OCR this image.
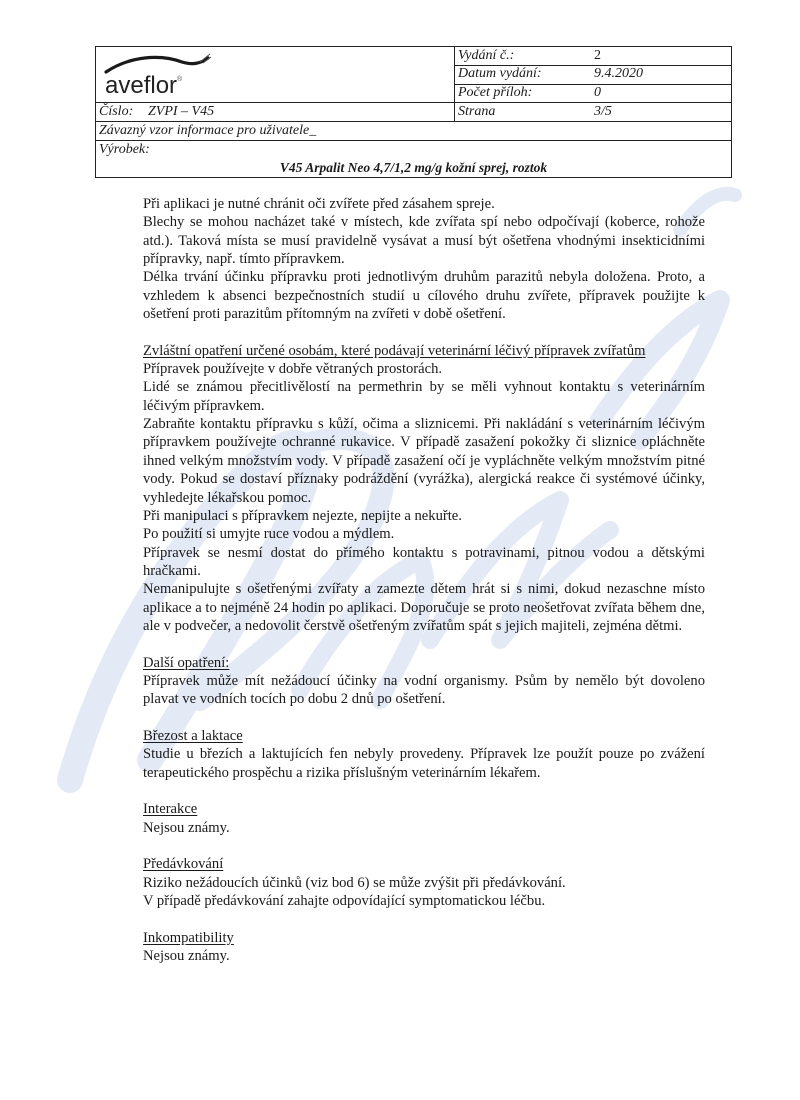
aveflor®
Vydání č.:	2
Datum vydání:	9.4.2020
Počet příloh:	0
Strana	3/5
Číslo: ZVPI – V45
Závazný vzor informace pro uživatele_
Výrobek:
V45 Arpalit Neo 4,7/1,2 mg/g kožní sprej, roztok

Při aplikaci je nutné chránit oči zvířete před zásahem spreje.

Blechy se mohou nacházet také v místech, kde zvířata spí nebo odpočívají (koberce, rohože atd.). Taková místa se musí pravidelně vysávat a musí být ošetřena vhodnými insekticidními přípravky, např. tímto přípravkem.

Délka trvání účinku přípravku proti jednotlivým druhům parazitů nebyla doložena. Proto, a vzhledem k absenci bezpečnostních studií u cílového druhu zvířete, přípravek použijte k ošetření proti parazitům přítomným na zvířeti v době ošetření.

Zvláštní opatření určené osobám, které podávají veterinární léčivý přípravek zvířatům

Přípravek používejte v dobře větraných prostorách.

Lidé se známou přecitlivělostí na permethrin by se měli vyhnout kontaktu s veterinárním léčivým přípravkem.

Zabraňte kontaktu přípravku s kůží, očima a sliznicemi. Při nakládání s veterinárním léčivým přípravkem používejte ochranné rukavice. V případě zasažení pokožky či sliznice opláchněte ihned velkým množstvím vody. V případě zasažení očí je vypláchněte velkým množstvím pitné vody. Pokud se dostaví příznaky podráždění (vyrážka), alergická reakce či systémové účinky, vyhledejte lékařskou pomoc.

Při manipulaci s přípravkem nejezte, nepijte a nekuřte.

Po použití si umyjte ruce vodou a mýdlem.

Přípravek se nesmí dostat do přímého kontaktu s potravinami, pitnou vodou a dětskými hračkami.

Nemanipulujte s ošetřenými zvířaty a zamezte dětem hrát si s nimi, dokud nezaschne místo aplikace a to nejméně 24 hodin po aplikaci. Doporučuje se proto neošetřovat zvířata během dne, ale v podvečer, a nedovolit čerstvě ošetřeným zvířatům spát s jejich majiteli, zejména dětmi.

Další opatření:

Přípravek může mít nežádoucí účinky na vodní organismy. Psům by nemělo být dovoleno plavat ve vodních tocích po dobu 2 dnů po ošetření.

Březost a laktace

Studie u březích a laktujících fen nebyly provedeny. Přípravek lze použít pouze po zvážení terapeutického prospěchu a rizika příslušným veterinárním lékařem.

Interakce

Nejsou známy.

Předávkování

Riziko nežádoucích účinků (viz bod 6) se může zvýšit při předávkování.

V případě předávkování zahajte odpovídající symptomatickou léčbu.

Inkompatibility

Nejsou známy.
